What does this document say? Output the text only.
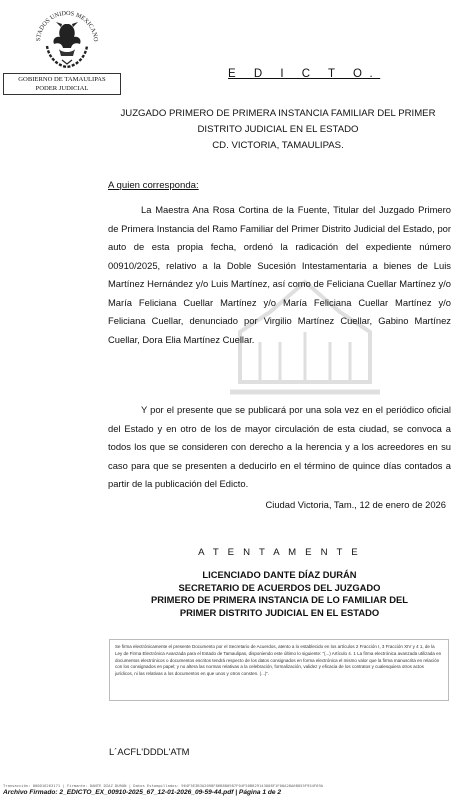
STADOS UNIDOS MEXICANO
GOBIERNO DE TAMAULIPAS
PODER JUDICIAL
E D I C T O.
JUZGADO PRIMERO DE PRIMERA INSTANCIA FAMILIAR DEL PRIMER
DISTRITO JUDICIAL EN EL ESTADO
CD. VICTORIA, TAMAULIPAS.
A quien corresponda:

La Maestra Ana Rosa Cortina de la Fuente, Titular del Juzgado Primero de Primera Instancia del Ramo Familiar del Primer Distrito Judicial del Estado, por auto de esta propia fecha, ordenó la radicación del expediente número 00910/2025, relativo a la Doble Sucesión Intestamentaria a bienes de Luis Martínez Hernández y/o Luis Martínez, así como de Feliciana Cuellar Martínez y/o María Feliciana Cuellar Martínez y/o María Feliciana Cuellar Martínez y/o Feliciana Cuellar, denunciado por Virgilio Martínez Cuellar, Gabino Martínez Cuellar, Dora Elia Martínez Cuellar.

Y por el presente que se publicará por una sola vez en el periódico oficial del Estado y en otro de los de mayor circulación de esta ciudad, se convoca a todos los que se consideren con derecho a la herencia y a los acreedores en su caso para que se presenten a deducirlo en el término de quince días contados a partir de la publicación del Edicto.

Ciudad Victoria, Tam., 12 de enero de 2026
A T E N T A M E N T E
LICENCIADO DANTE DÍAZ DURÁN
SECRETARIO DE ACUERDOS DEL JUZGADO
PRIMERO DE PRIMERA INSTANCIA DE LO FAMILIAR DEL
PRIMER DISTRITO JUDICIAL EN EL ESTADO
Se firma electrónicamente el presente Documento por el Secretario de Acuerdos, atento a lo establecido en los artículos 2 Fracción I, 3 Fracción XIV y 4 1, de la Ley de Firma Electrónica Avanzada para el Estado de Tamaulipas, disponiendo este último lo siguiente: "(...) Artículo 4. 1 La firma electrónica avanzada utilizada en documentos electrónicos o documentos escritos tendrá respecto de los datos consignados en forma electrónica el mismo valor que la firma manuscrita en relación con los consignados en papel; y no altera las normas relativas a la celebración, formalización, validez y eficacia de los contratos y cualesquiera otros actos jurídicos, ni las relativas a los documentos en que unos y otros consten. (...)".
L´ACFL'DDDL'ATM
Transacción: 800D16263171 | Firmante: DANTE DÍAZ DURÁN | Datos Estampillados: 964F5E3B3A2098F86B880987F04F50B829143008F1F00A28A6B055F954F69A
Archivo Firmado: 2_EDICTO_EX_00910-2025_67_12-01-2026_09-59-44.pdf | Página 1 de 2
